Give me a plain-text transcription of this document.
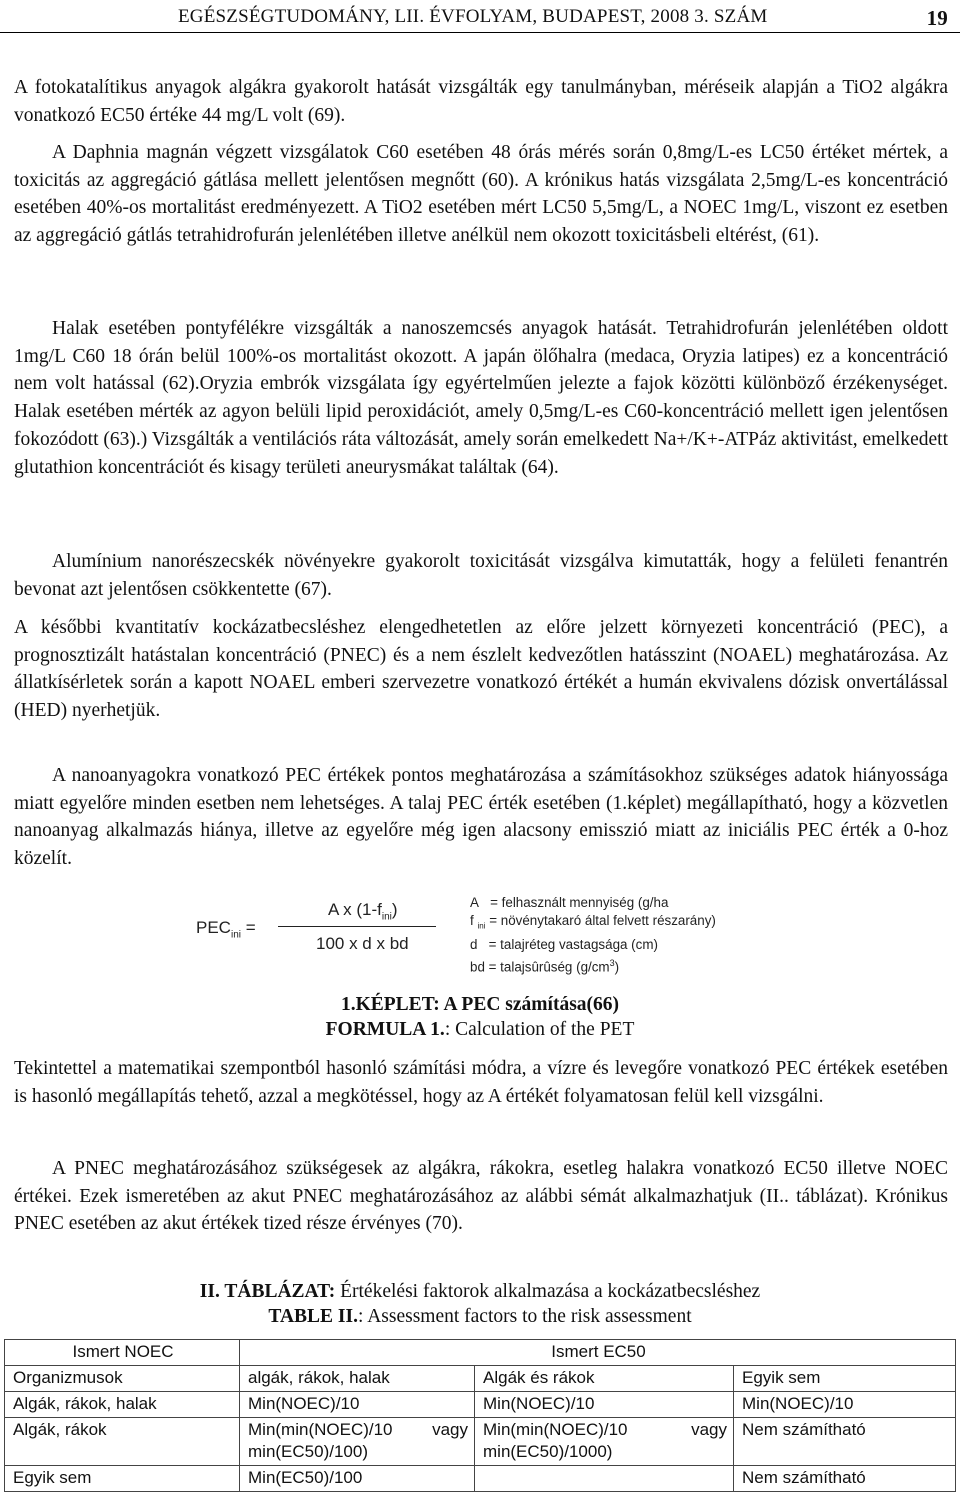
EGÉSZSÉGTUDOMÁNY, LII. ÉVFOLYAM, BUDAPEST, 2008 3. SZÁM	19

A fotokatalítikus anyagok algákra gyakorolt hatását vizsgálták egy tanulmányban, méréseik alapján a TiO2 algákra vonatkozó EC50 értéke 44 mg/L volt (69).

A Daphnia magnán végzett vizsgálatok C60 esetében 48 órás mérés során 0,8mg/L-es LC50 értéket mértek, a toxicitás az aggregáció gátlása mellett jelentősen megnőtt (60). A krónikus hatás vizsgálata 2,5mg/L-es koncentráció esetében 40%-os mortalitást eredményezett. A TiO2 esetében mért LC50 5,5mg/L, a NOEC 1mg/L, viszont ez esetben az aggregáció gátlás tetrahidrofurán jelenlétében illetve anélkül nem okozott toxicitásbeli eltérést, (61).

Halak esetében pontyfélékre vizsgálták a nanoszemcsés anyagok hatását. Tetrahidrofurán jelenlétében oldott 1mg/L C60 18 órán belül 100%-os mortalitást okozott. A japán ölőhalra (medaca, Oryzia latipes) ez a koncentráció nem volt hatással (62).Oryzia embrók vizsgálata így egyértelműen jelezte a fajok közötti különböző érzékenységet. Halak esetében mérték az agyon belüli lipid peroxidációt, amely 0,5mg/L-es C60-koncentráció mellett igen jelentősen fokozódott (63).) Vizsgálták a ventilációs ráta változását, amely során emelkedett Na+/K+-ATPáz aktivitást, emelkedett glutathion koncentrációt és kisagy területi aneurysmákat találtak (64).

Alumínium nanorészecskék növényekre gyakorolt toxicitását vizsgálva kimutatták, hogy a felületi fenantrén bevonat azt jelentősen csökkentette (67).

A későbbi kvantitatív kockázatbecsléshez elengedhetetlen az előre jelzett környezeti koncentráció (PEC), a prognosztizált hatástalan koncentráció (PNEC) és a nem észlelt kedvezőtlen hatásszint (NOAEL) meghatározása. Az állatkísérletek során a kapott NOAEL emberi szervezetre vonatkozó értékét a humán ekvivalens dózisk onvertálással (HED) nyerhetjük.

A nanoanyagokra vonatkozó PEC értékek pontos meghatározása a számításokhoz szükséges adatok hiányossága miatt egyelőre minden esetben nem lehetséges. A talaj PEC érték esetében (1.képlet) megállapítható, hogy a közvetlen nanoanyag alkalmazás hiánya, illetve az egyelőre még igen alacsony emisszió miatt az iniciális PEC érték a 0-hoz közelít.

$PEC_{ini}$ =
A x $(1-f_{ini})$
100 x d x bd
A = felhasznált mennyiség (g/ha
f $_{ini}$ = növénytakaró által felvett részarány)
d = talajréteg vastagsága (cm)
bd = talajsûrûség $(g/cm^3)$
1.KÉPLET: A PEC számítása(66)
FORMULA 1.: Calculation of the PET

Tekintettel a matematikai szempontból hasonló számítási módra, a vízre és levegőre vonatkozó PEC értékek esetében is hasonló megállapítás tehető, azzal a megkötéssel, hogy az A értékét folyamatosan felül kell vizsgálni.

A PNEC meghatározásához szükségesek az algákra, rákokra, esetleg halakra vonatkozó EC50 illetve NOEC értékei. Ezek ismeretében az akut PNEC meghatározásához az alábbi sémát alkalmazhatjuk (II.. táblázat). Krónikus PNEC esetében az akut értékek tized része érvényes (70).

II. TÁBLÁZAT: Értékelési faktorok alkalmazása a kockázatbecsléshez
TABLE II.: Assessment factors to the risk assessment
Ismert NOEC	Ismert EC50		
Organizmusok	algák, rákok, halak	Algák és rákok	Egyik sem
Algák, rákok, halak	Min(NOEC)/10	Min(NOEC)/10	Min(NOEC)/10
Algák, rákok	Min(min(NOEC)/10 vagy min(EC50)/100)	Min(min(NOEC)/10 vagy min(EC50)/1000)	Nem számítható
Egyik sem	Min(EC50)/100		Nem számítható
